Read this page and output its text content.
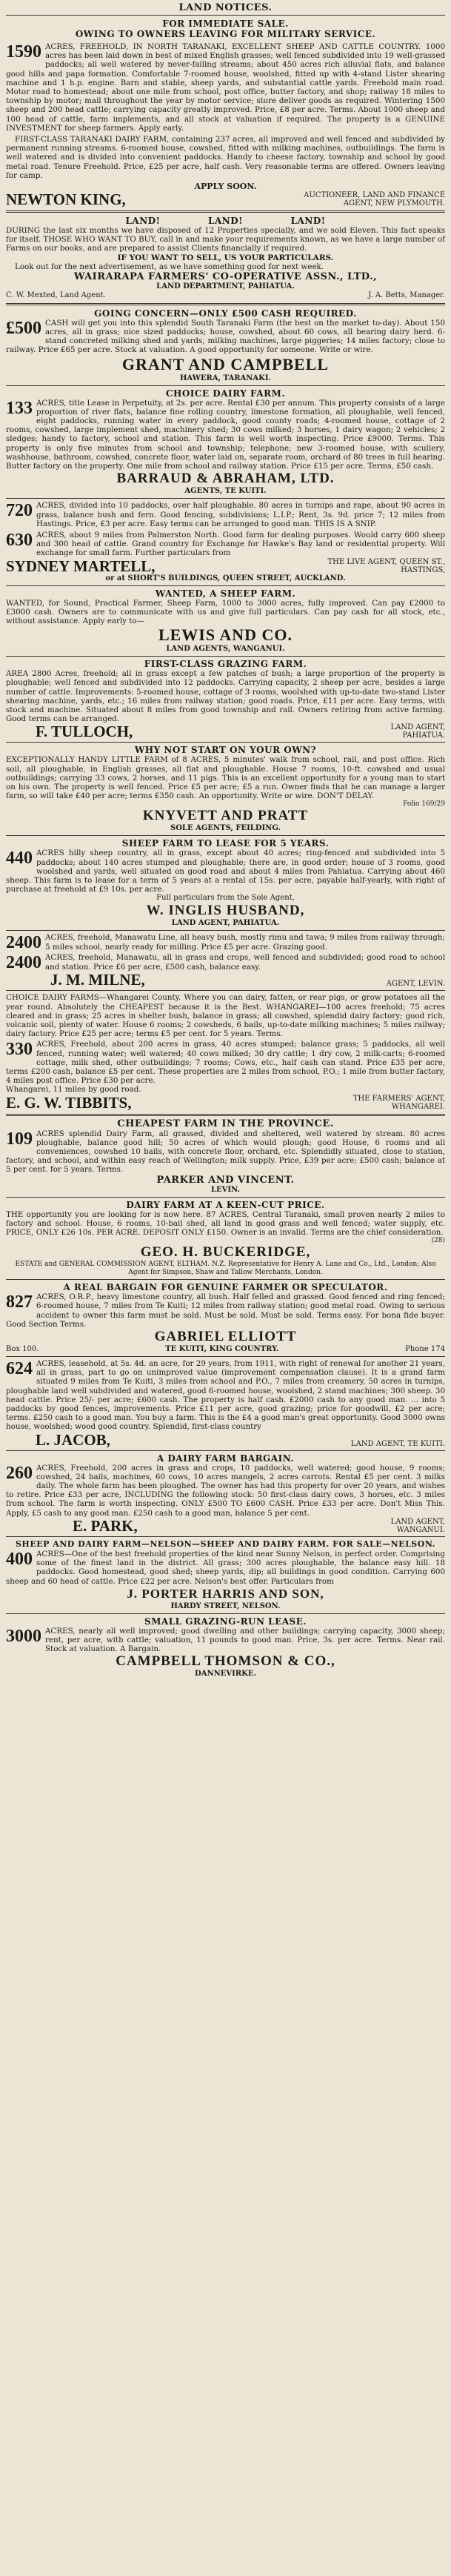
LAND NOTICES.
FOR IMMEDIATE SALE.
OWING TO OWNERS LEAVING FOR MILITARY SERVICE.
1590 ACRES, FREEHOLD, IN NORTH TARANAKI, EXCELLENT SHEEP AND CATTLE COUNTRY. 1000 acres has been laid down in best of mixed English grasses; well fenced subdivided into 19 well-grassed paddocks; all well watered by never-failing streams; about 450 acres rich alluvial flats, and balance good hills and papa formation. Comfortable 7-roomed house, woolshed, fitted up with 4-stand Lister shearing machine and 1 h.p. engine. Barn and stable, sheep yards, and substantial cattle yards. Freehold main road. Motor road to homestead; about one mile from school, post office, butter factory, and shop; railway 18 miles to township by motor; mail throughout the year by motor service; store deliver goods as required. Wintering 1500 sheep and 200 head cattle; carrying capacity greatly improved. Price, £8 per acre. Terms. About 1000 sheep and 100 head of cattle, farm implements, and all stock at valuation if required. The property is a GENUINE INVESTMENT for sheep farmers. Apply early.

FIRST-CLASS TARANAKI DAIRY FARM, containing 237 acres, all improved and well fenced and subdivided by permanent running streams. 6-roomed house, cowshed, fitted with milking machines, outbuildings. The farm is well watered and is divided into convenient paddocks. Handy to cheese factory, township and school by good metal road. Tenure Freehold. Price, £25 per acre, half cash. Very reasonable terms are offered. Owners leaving for camp.

APPLY SOON.
NEWTON KING,	AUCTIONEER, LAND AND FINANCE AGENT, NEW PLYMOUTH.
LAND! LAND! LAND!

DURING the last six months we have disposed of 12 Properties specially, and we sold Eleven. This fact speaks for itself. THOSE WHO WANT TO BUY, call in and make your requirements known, as we have a large number of Farms on our books, and are prepared to assist Clients financially if required.

IF YOU WANT TO SELL, US YOUR PARTICULARS.

Look out for the next advertisement, as we have something good for next week.

WAIRARAPA FARMERS' CO-OPERATIVE ASSN., LTD.,
LAND DEPARTMENT, PAHIATUA.
C. W. Mexted, Land Agent.	J. A. Betts, Manager.
GOING CONCERN—ONLY £500 CASH REQUIRED.
£500 CASH will get you into this splendid South Taranaki Farm (the best on the market to-day). About 150 acres, all in grass; nice sized paddocks; house, cowshed, about 60 cows, all bearing dairy herd. 6-stand concreted milking shed and yards, milking machines, large piggeries; 14 miles factory; close to railway. Price £65 per acre. Stock at valuation. A good opportunity for someone. Write or wire.

GRANT AND CAMPBELL
HAWERA, TARANAKI.
CHOICE DAIRY FARM.
133 ACRES, title Lease in Perpetuity, at 2s. per acre. Rental £30 per annum. This property consists of a large proportion of river flats, balance fine rolling country, limestone formation, all ploughable, well fenced, eight paddocks, running water in every paddock, good county roads; 4-roomed house, cottage of 2 rooms, cowshed, large implement shed, machinery shed; 30 cows milked; 3 horses, 1 dairy wagon; 2 vehicles; 2 sledges; handy to factory, school and station. This farm is well worth inspecting. Price £9000. Terms. This property is only five minutes from school and township; telephone; new 3-roomed house, with scullery, washhouse, bathroom, cowshed, concrete floor, water laid on, separate room, orchard of 80 trees in full bearing. Butter factory on the property. One mile from school and railway station. Price £15 per acre. Terms, £50 cash.

BARRAUD & ABRAHAM, LTD.
AGENTS, TE KUITI.
720 ACRES, divided into 10 paddocks, over half ploughable. 80 acres in turnips and rape, about 90 acres in grass, balance bush and fern. Good fencing, subdivisions; L.I.P.; Rent, 3s. 9d. price 7; 12 miles from Hastings. Price, £3 per acre. Easy terms can be arranged to good man. THIS IS A SNIP.

630 ACRES, about 9 miles from Palmerston North. Good farm for dealing purposes. Would carry 600 sheep and 300 head of cattle. Grand country for Exchange for Hawke's Bay land or residential property. Will exchange for small farm. Further particulars from

SYDNEY MARTELL,	THE LIVE AGENT, QUEEN ST., HASTINGS,
or at SHORT'S BUILDINGS, QUEEN STREET, AUCKLAND.
WANTED, A SHEEP FARM.

WANTED, for Sound, Practical Farmer, Sheep Farm, 1000 to 3000 acres, fully improved. Can pay £2000 to £3000 cash. Owners are to communicate with us and give full particulars. Can pay cash for all stock, etc., without assistance. Apply early to—

LEWIS AND CO.
LAND AGENTS, WANGANUI.
FIRST-CLASS GRAZING FARM.

AREA 2800 Acres, freehold; all in grass except a few patches of bush; a large proportion of the property is ploughable; well fenced and subdivided into 12 paddocks. Carrying capacity, 2 sheep per acre, besides a large number of cattle. Improvements: 5-roomed house, cottage of 3 rooms, woolshed with up-to-date two-stand Lister shearing machine, yards, etc.; 16 miles from railway station; good roads. Price, £11 per acre. Easy terms, with stock and machine. Situated about 8 miles from good township and rail. Owners retiring from active farming. Good terms can be arranged.

F. TULLOCH,	LAND AGENT, PAHIATUA.
WHY NOT START ON YOUR OWN?

EXCEPTIONALLY HANDY LITTLE FARM of 8 ACRES, 5 minutes' walk from school, rail, and post office. Rich soil, all ploughable, in English grasses, all flat and ploughable. House 7 rooms, 10-ft. cowshed and usual outbuildings; carrying 33 cows, 2 horses, and 11 pigs. This is an excellent opportunity for a young man to start on his own. The property is well fenced. Price £5 per acre; £5 a run. Owner finds that he can manage a larger farm, so will take £40 per acre; terms £350 cash. An opportunity. Write or wire. DON'T DELAY.

Folio 169/29
KNYVETT AND PRATT
SOLE AGENTS, FEILDING.
SHEEP FARM TO LEASE FOR 5 YEARS.
440 ACRES hilly sheep country, all in grass, except about 40 acres; ring-fenced and subdivided into 5 paddocks; about 140 acres stumped and ploughable; there are, in good order; house of 3 rooms, good woolshed and yards, well situated on good road and about 4 miles from Pahiatua. Carrying about 460 sheep. This farm is to lease for a term of 5 years at a rental of 15s. per acre, payable half-yearly, with right of purchase at freehold at £9 10s. per acre.

Full particulars from the Sole Agent,
W. INGLIS HUSBAND,
LAND AGENT, PAHIATUA.
2400 ACRES, freehold, Manawatu Line, all heavy bush, mostly rimu and tawa; 9 miles from railway through; 5 miles school, nearly ready for milling. Price £5 per acre. Grazing good.

2400 ACRES, freehold, Manawatu, all in grass and crops, well fenced and subdivided; good road to school and station. Price £6 per acre, £500 cash, balance easy.

J. M. MILNE,	AGENT, LEVIN.

CHOICE DAIRY FARMS—Whangarei County. Where you can dairy, fatten, or rear pigs, or grow potatoes all the year round. Absolutely the CHEAPEST because it is the Best. WHANGAREI—100 acres freehold; 75 acres cleared and in grass; 25 acres in shelter bush, balance in grass; all cowshed, splendid dairy factory; good rich, volcanic soil, plenty of water. House 6 rooms; 2 cowsheds, 6 bails, up-to-date milking machines; 5 miles railway; dairy factory. Price £25 per acre; terms £5 per cent. for 5 years. Terms.

330 ACRES, Freehold, about 200 acres in grass, 40 acres stumped; balance grass; 5 paddocks, all well fenced, running water; well watered; 40 cows milked; 30 dry cattle; 1 dry cow, 2 milk-carts; 6-roomed cottage, milk shed, other outbuildings; 7 rooms; Cows, etc., half cash can stand. Price £35 per acre, terms £200 cash, balance £5 per cent. These properties are 2 miles from school, P.O.; 1 mile from butter factory, 4 miles post office. Price £30 per acre.

Whangarei, 11 miles by good road.
E. G. W. TIBBITS,	THE FARMERS' AGENT, WHANGAREI.
CHEAPEST FARM IN THE PROVINCE.
109 ACRES splendid Dairy Farm, all grassed, divided and sheltered, well watered by stream. 80 acres ploughable, balance good hill; 50 acres of which would plough; good House, 6 rooms and all conveniences, cowshed 10 bails, with concrete floor, orchard, etc. Splendidly situated, close to station, factory, and school, and within easy reach of Wellington; milk supply. Price, £39 per acre; £500 cash; balance at 5 per cent. for 5 years. Terms.

PARKER AND VINCENT.
LEVIN.
DAIRY FARM AT A KEEN-CUT PRICE.

THE opportunity you are looking for is now here. 87 ACRES, Central Taranaki, small proven nearly 2 miles to factory and school. House, 6 rooms, 10-bail shed, all land in good grass and well fenced; water supply, etc. PRICE, ONLY £26 10s. PER ACRE. DEPOSIT ONLY £150. Owner is an invalid. Terms are the chief consideration.

(28)
GEO. H. BUCKERIDGE,
ESTATE and GENERAL COMMISSION AGENT, ELTHAM. N.Z. Representative for Henry A. Lane and Co., Ltd., London; Also Agent for Simpson, Shaw and Tallow Merchants, London.
A REAL BARGAIN FOR GENUINE FARMER OR SPECULATOR.
827 ACRES, O.R.P., heavy limestone country, all bush. Half felled and grassed. Good fenced and ring fenced; 6-roomed house, 7 miles from Te Kuiti; 12 miles from railway station; good metal road. Owing to serious accident to owner this farm must be sold. Must be sold. Must be sold. Terms easy. For bona fide buyer. Good Section Terms.

GABRIEL ELLIOTT
Box 100.	TE KUITI, KING COUNTRY.	Phone 174
624 ACRES, leasehold, at 5s. 4d. an acre, for 29 years, from 1911, with right of renewal for another 21 years, all in grass, part to go on unimproved value (improvement compensation clause). It is a grand farm situated 9 miles from Te Kuiti, 3 miles from school and P.O., 7 miles from creamery, 50 acres in turnips, ploughable land well subdivided and watered, good 6-roomed house, woolshed, 2 stand machines; 300 sheep. 30 head cattle. Price 25/- per acre; £600 cash. The property is half cash. £2000 cash to any good man. ... into 5 paddocks by good fences, improvements. Price £11 per acre, good grazing; price for goodwill, £2 per acre; terms. £250 cash to a good man. You buy a farm. This is the £4 a good man's great opportunity. Good 3000 owns house, woolshed; wood good country. Splendid, first-class country

L. JACOB,	LAND AGENT, TE KUITI.
A DAIRY FARM BARGAIN.
260 ACRES, Freehold, 200 acres in grass and crops, 10 paddocks, well watered; good house, 9 rooms; cowshed, 24 bails, machines, 60 cows, 10 acres mangels, 2 acres carrots. Rental £5 per cent. 3 milks daily. The whole farm has been ploughed. The owner has had this property for over 20 years, and wishes to retire. Price £33 per acre, INCLUDING the following stock: 50 first-class dairy cows, 3 horses, etc. 3 miles from school. The farm is worth inspecting. ONLY £500 TO £600 CASH. Price £33 per acre. Don't Miss This. Apply, £5 cash to any good man. £250 cash to a good man, balance 5 per cent.

E. PARK,	LAND AGENT, WANGANUI.
SHEEP AND DAIRY FARM—NELSON—SHEEP AND DAIRY FARM. FOR SALE—NELSON.
400 ACRES—One of the best freehold properties of the kind near Sunny Nelson, in perfect order. Comprising some of the finest land in the district. All grass; 300 acres ploughable, the balance easy hill. 18 paddocks. Good homestead, good shed; sheep yards, dip; all buildings in good condition. Carrying 600 sheep and 60 head of cattle. Price £22 per acre. Nelson's best offer. Particulars from

J. PORTER HARRIS AND SON,
HARDY STREET, NELSON.
SMALL GRAZING-RUN LEASE.
3000 ACRES, nearly all well improved; good dwelling and other buildings; carrying capacity, 3000 sheep; rent, per acre, with cattle; valuation, 11 pounds to good man. Price, 3s. per acre. Terms. Near rail. Stock at valuation. A Bargain.

CAMPBELL THOMSON & CO.,
DANNEVIRKE.
